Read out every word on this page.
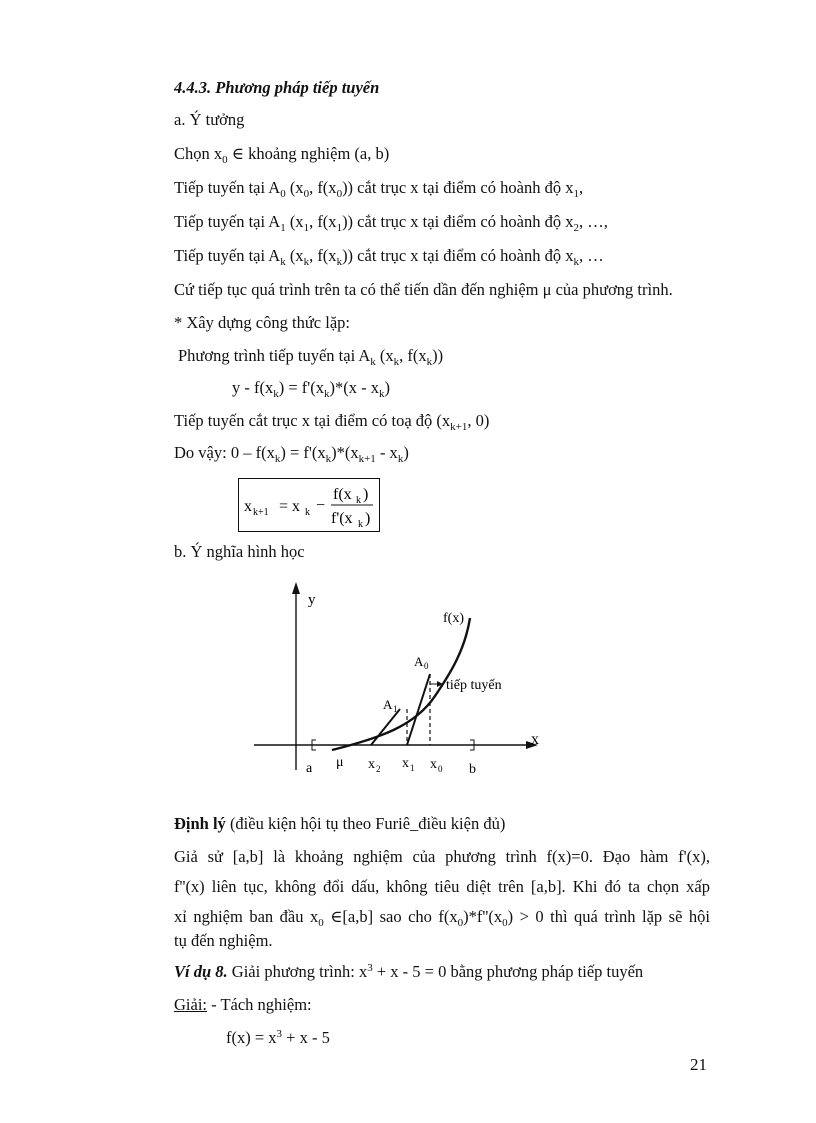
4.4.3. Phương pháp tiếp tuyến
a. Ý tưởng
Chọn $x_0$ ∈ khoảng nghiệm (a, b)
Tiếp tuyến tại $A_0$ ($x_0$, $f(x_0)$) cắt trục x tại điểm có hoành độ $x_1$,
Tiếp tuyến tại $A_1$ ($x_1$, $f(x_1)$) cắt trục x tại điểm có hoành độ $x_2$, …,
Tiếp tuyến tại $A_k$ ($x_k$, $f(x_k)$) cắt trục x tại điểm có hoành độ $x_k$, …
Cứ tiếp tục quá trình trên ta có thể tiến dần đến nghiệm μ của phương trình.
* Xây dựng công thức lặp:
Phương trình tiếp tuyến tại $A_k$ ($x_k$, $f(x_k)$)
$y - f(x_k) = f'(x_k)*(x - x_k)$
Tiếp tuyến cắt trục x tại điểm có toạ độ ($x_{k+1}$, 0)
Do vậy: $0 - f(x_k) = f'(x_k)*(x_{k+1} - x_k)$
x k+1 = x k −
f(x k )
f'(x k )
b. Ý nghĩa hình học
y
x
f(x)
A 0
A 1
tiếp tuyến
a μ x 2 x 1 x 0 b
Định lý (điều kiện hội tụ theo Furiê_điều kiện đủ)
Giả sử [a,b] là khoảng nghiệm của phương trình f(x)=0. Đạo hàm f'(x),
f''(x) liên tục, không đổi dấu, không tiêu diệt trên [a,b]. Khi đó ta chọn xấp
xỉ nghiệm ban đầu $x_0$ ∈[a,b] sao cho $f(x_0)*f''(x_0) > 0$ thì quá trình lặp sẽ hội
tụ đến nghiệm.
Ví dụ 8. Giải phương trình: $x^3 + x - 5 = 0$ bằng phương pháp tiếp tuyến
Giải: - Tách nghiệm:
$f(x) = x^3 + x - 5$
21
